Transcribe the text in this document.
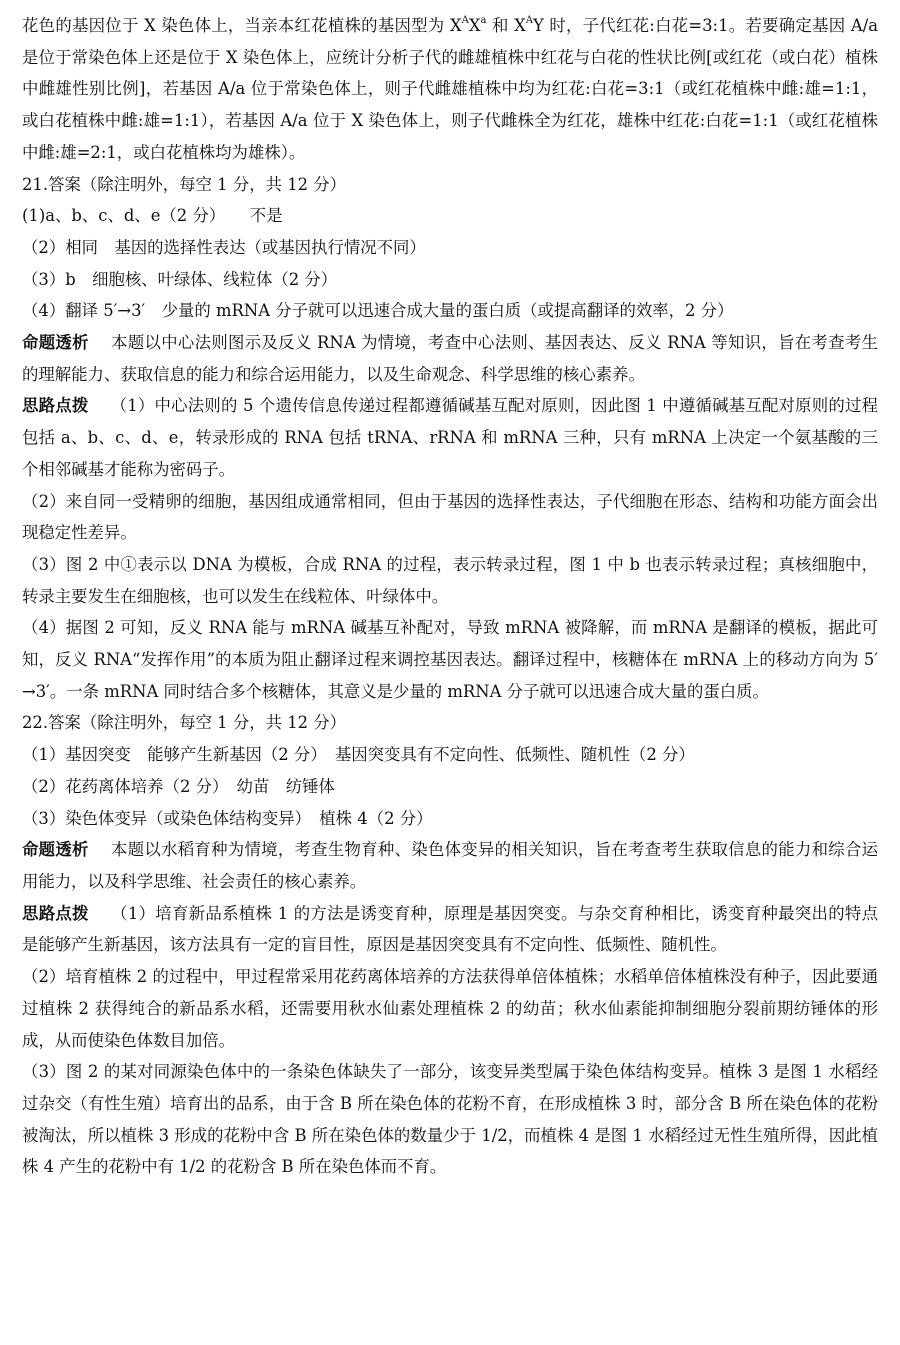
花色的基因位于 X 染色体上，当亲本红花植株的基因型为 $X^AX^a$ 和 $X^AY$ 时，子代红花:白花=3:1。若要确定基因 A/a 是位于常染色体上还是位于 X 染色体上，应统计分析子代的雌雄植株中红花与白花的性状比例[或红花（或白花）植株中雌雄性别比例]，若基因 A/a 位于常染色体上，则子代雌雄植株中均为红花:白花=3:1（或红花植株中雌:雄=1:1，或白花植株中雌:雄=1:1），若基因 A/a 位于 X 染色体上，则子代雌株全为红花，雄株中红花:白花=1:1（或红花植株中雌:雄=2:1，或白花植株均为雄株）。

21.答案（除注明外，每空 1 分，共 12 分）

(1)a、b、c、d、e（2 分）　　不是

（2）相同　基因的选择性表达（或基因执行情况不同）

（3）b　细胞核、叶绿体、线粒体（2 分）

（4）翻译 5′→3′　少量的 mRNA 分子就可以迅速合成大量的蛋白质（或提高翻译的效率，2 分）

命题透析 本题以中心法则图示及反义 RNA 为情境，考查中心法则、基因表达、反义 RNA 等知识，旨在考查考生的理解能力、获取信息的能力和综合运用能力，以及生命观念、科学思维的核心素养。

思路点拨 （1）中心法则的 5 个遗传信息传递过程都遵循碱基互配对原则，因此图 1 中遵循碱基互配对原则的过程包括 a、b、c、d、e，转录形成的 RNA 包括 tRNA、rRNA 和 mRNA 三种，只有 mRNA 上决定一个氨基酸的三个相邻碱基才能称为密码子。

（2）来自同一受精卵的细胞，基因组成通常相同，但由于基因的选择性表达，子代细胞在形态、结构和功能方面会出现稳定性差异。

（3）图 2 中①表示以 DNA 为模板，合成 RNA 的过程，表示转录过程，图 1 中 b 也表示转录过程；真核细胞中，转录主要发生在细胞核，也可以发生在线粒体、叶绿体中。

（4）据图 2 可知，反义 RNA 能与 mRNA 碱基互补配对，导致 mRNA 被降解，而 mRNA 是翻译的模板，据此可知，反义 RNA“发挥作用”的本质为阻止翻译过程来调控基因表达。翻译过程中，核糖体在 mRNA 上的移动方向为 5′→3′。一条 mRNA 同时结合多个核糖体，其意义是少量的 mRNA 分子就可以迅速合成大量的蛋白质。

22.答案（除注明外，每空 1 分，共 12 分）

（1）基因突变　能够产生新基因（2 分）　基因突变具有不定向性、低频性、随机性（2 分）

（2）花药离体培养（2 分）　幼苗　纺锤体

（3）染色体变异（或染色体结构变异）　植株 4（2 分）

命题透析 本题以水稻育种为情境，考查生物育种、染色体变异的相关知识，旨在考查考生获取信息的能力和综合运用能力，以及科学思维、社会责任的核心素养。

思路点拨 （1）培育新品系植株 1 的方法是诱变育种，原理是基因突变。与杂交育种相比，诱变育种最突出的特点是能够产生新基因，该方法具有一定的盲目性，原因是基因突变具有不定向性、低频性、随机性。

（2）培育植株 2 的过程中，甲过程常采用花药离体培养的方法获得单倍体植株；水稻单倍体植株没有种子，因此要通过植株 2 获得纯合的新品系水稻，还需要用秋水仙素处理植株 2 的幼苗；秋水仙素能抑制细胞分裂前期纺锤体的形成，从而使染色体数目加倍。

（3）图 2 的某对同源染色体中的一条染色体缺失了一部分，该变异类型属于染色体结构变异。植株 3 是图 1 水稻经过杂交（有性生殖）培育出的品系，由于含 B 所在染色体的花粉不育，在形成植株 3 时，部分含 B 所在染色体的花粉被淘汰，所以植株 3 形成的花粉中含 B 所在染色体的数量少于 1/2，而植株 4 是图 1 水稻经过无性生殖所得，因此植株 4 产生的花粉中有 1/2 的花粉含 B 所在染色体而不育。
